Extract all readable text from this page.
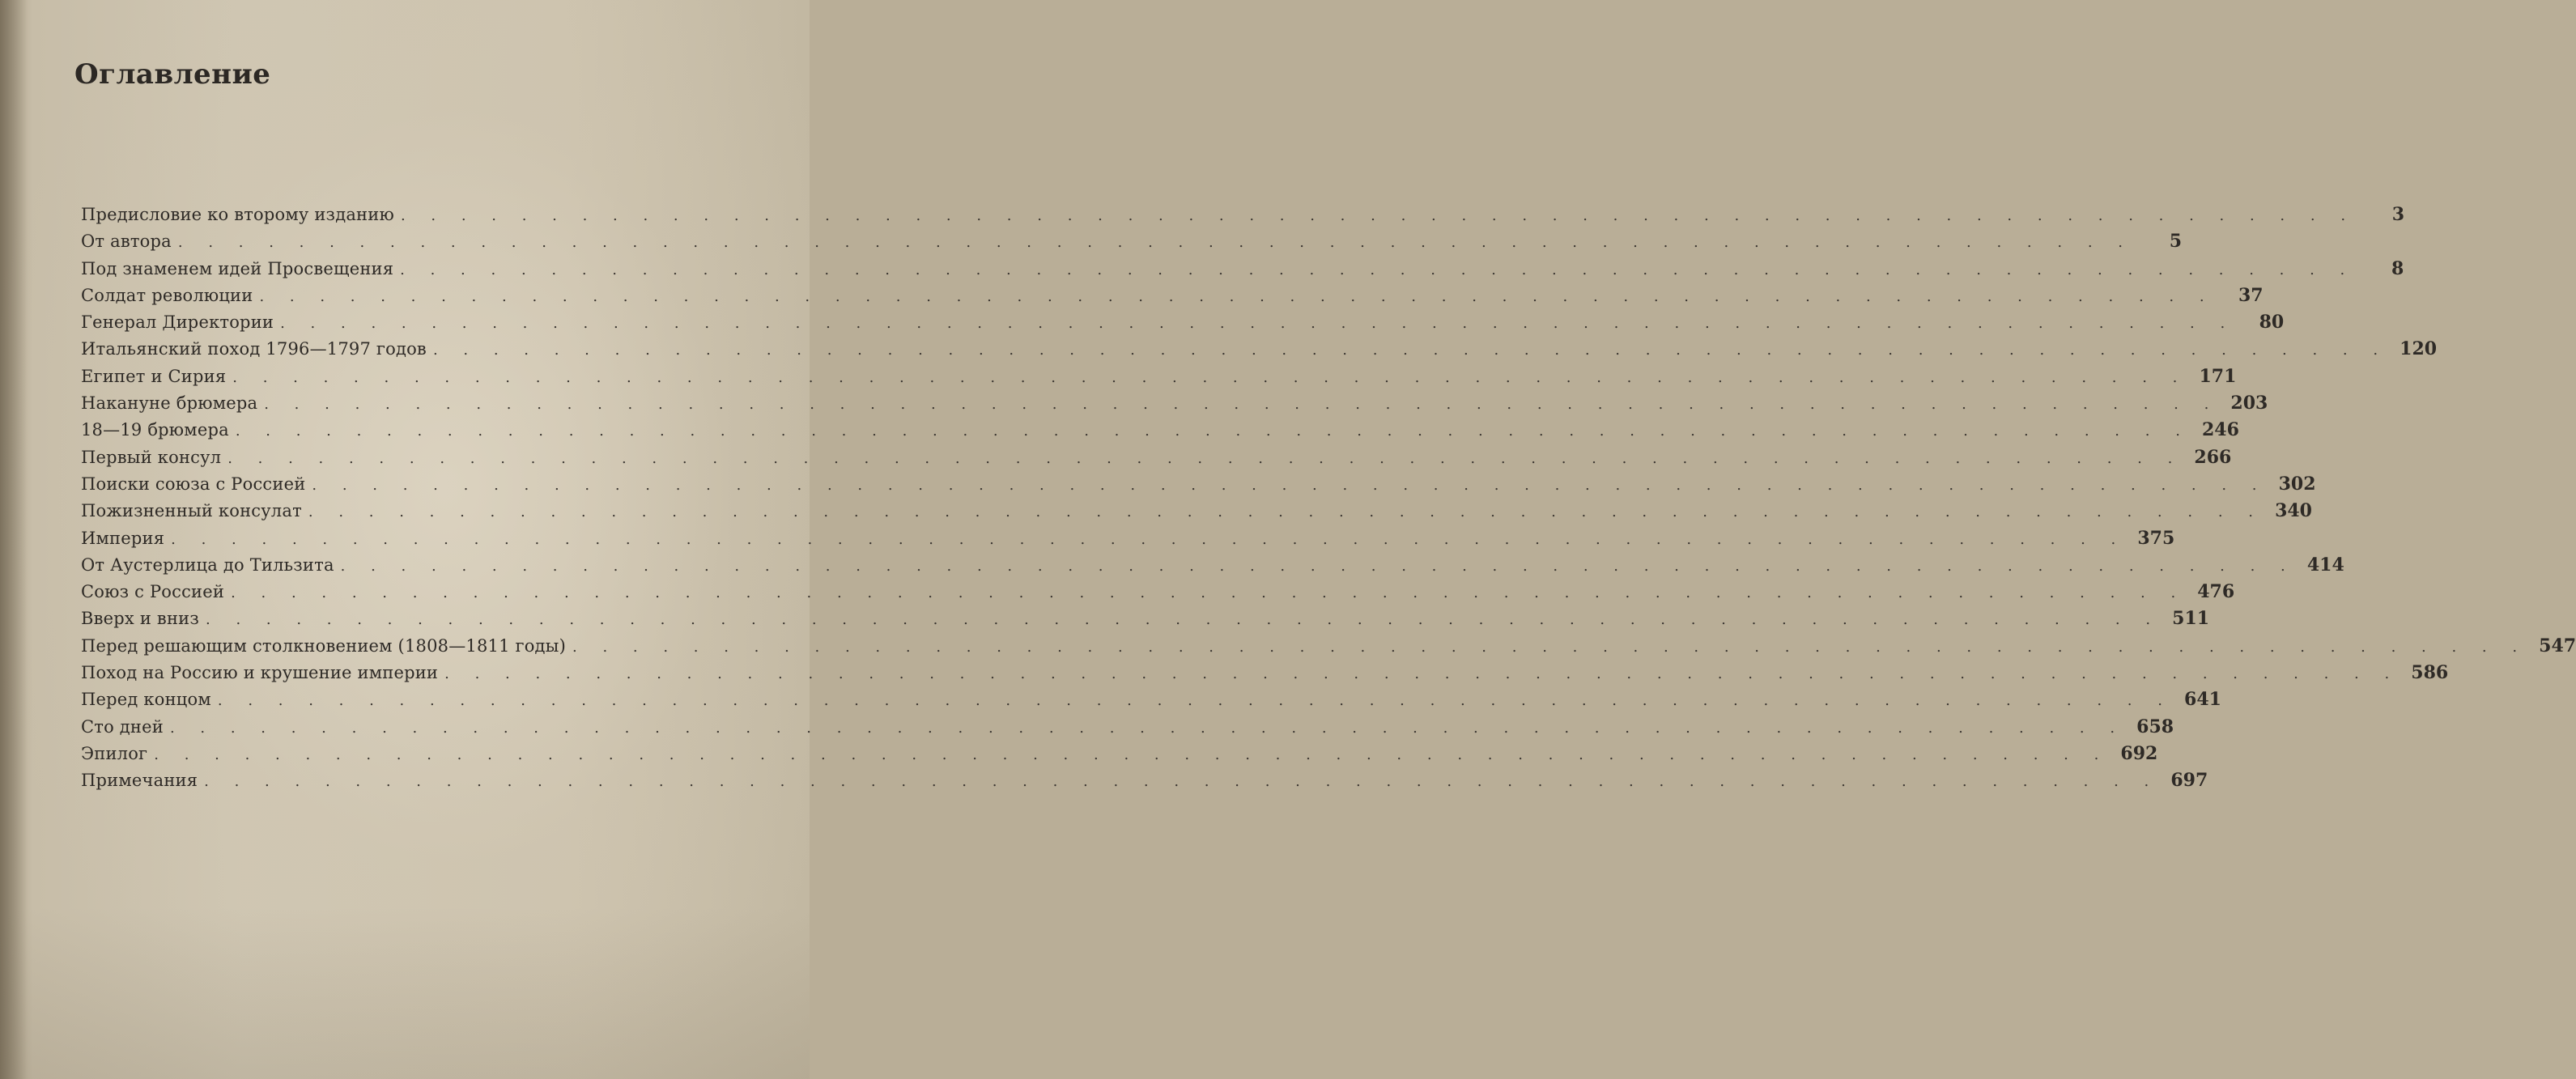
Оглавление
Предисловие ко второму изданию . . . . . . . . . . . . . . . . . . . . . . . . . . . . . . . . . . . . . . . . . . . . . . . . . . . . . . . . . . . . . . . . .	3
От автора . . . . . . . . . . . . . . . . . . . . . . . . . . . . . . . . . . . . . . . . . . . . . . . . . . . . . . . . . . . . . . . . .	5
Под знаменем идей Просвещения . . . . . . . . . . . . . . . . . . . . . . . . . . . . . . . . . . . . . . . . . . . . . . . . . . . . . . . . . . . . . . . . .	8
Солдат революции . . . . . . . . . . . . . . . . . . . . . . . . . . . . . . . . . . . . . . . . . . . . . . . . . . . . . . . . . . . . . . . . .	37
Генерал Директории . . . . . . . . . . . . . . . . . . . . . . . . . . . . . . . . . . . . . . . . . . . . . . . . . . . . . . . . . . . . . . . . .	80
Итальянский поход 1796—1797 годов . . . . . . . . . . . . . . . . . . . . . . . . . . . . . . . . . . . . . . . . . . . . . . . . . . . . . . . . . . . . . . . . . 120
Египет и Сирия . . . . . . . . . . . . . . . . . . . . . . . . . . . . . . . . . . . . . . . . . . . . . . . . . . . . . . . . . . . . . . . . . 171
Накануне брюмера . . . . . . . . . . . . . . . . . . . . . . . . . . . . . . . . . . . . . . . . . . . . . . . . . . . . . . . . . . . . . . . . . 203
18—19 брюмера . . . . . . . . . . . . . . . . . . . . . . . . . . . . . . . . . . . . . . . . . . . . . . . . . . . . . . . . . . . . . . . . . 246
Первый консул . . . . . . . . . . . . . . . . . . . . . . . . . . . . . . . . . . . . . . . . . . . . . . . . . . . . . . . . . . . . . . . . . 266
Поиски союза с Россией . . . . . . . . . . . . . . . . . . . . . . . . . . . . . . . . . . . . . . . . . . . . . . . . . . . . . . . . . . . . . . . . . 302
Пожизненный консулат . . . . . . . . . . . . . . . . . . . . . . . . . . . . . . . . . . . . . . . . . . . . . . . . . . . . . . . . . . . . . . . . . 340
Империя . . . . . . . . . . . . . . . . . . . . . . . . . . . . . . . . . . . . . . . . . . . . . . . . . . . . . . . . . . . . . . . . . 375
От Аустерлица до Тильзита . . . . . . . . . . . . . . . . . . . . . . . . . . . . . . . . . . . . . . . . . . . . . . . . . . . . . . . . . . . . . . . . . 414
Союз с Россией . . . . . . . . . . . . . . . . . . . . . . . . . . . . . . . . . . . . . . . . . . . . . . . . . . . . . . . . . . . . . . . . . 476
Вверх и вниз . . . . . . . . . . . . . . . . . . . . . . . . . . . . . . . . . . . . . . . . . . . . . . . . . . . . . . . . . . . . . . . . . 511
Перед решающим столкновением (1808—1811 годы) . . . . . . . . . . . . . . . . . . . . . . . . . . . . . . . . . . . . . . . . . . . . . . . . . . . . . . . . . . . . . . . . . 547
Поход на Россию и крушение империи . . . . . . . . . . . . . . . . . . . . . . . . . . . . . . . . . . . . . . . . . . . . . . . . . . . . . . . . . . . . . . . . . 586
Перед концом . . . . . . . . . . . . . . . . . . . . . . . . . . . . . . . . . . . . . . . . . . . . . . . . . . . . . . . . . . . . . . . . . 641
Сто дней . . . . . . . . . . . . . . . . . . . . . . . . . . . . . . . . . . . . . . . . . . . . . . . . . . . . . . . . . . . . . . . . . 658
Эпилог . . . . . . . . . . . . . . . . . . . . . . . . . . . . . . . . . . . . . . . . . . . . . . . . . . . . . . . . . . . . . . . . . 692
Примечания . . . . . . . . . . . . . . . . . . . . . . . . . . . . . . . . . . . . . . . . . . . . . . . . . . . . . . . . . . . . . . . . . 697
